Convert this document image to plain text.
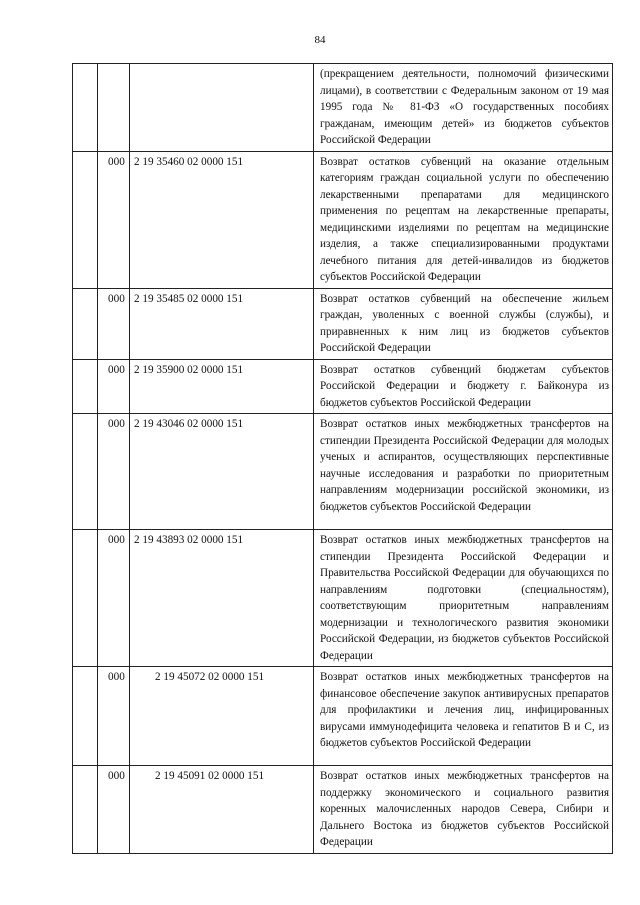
84
			(прекращением деятельности, полномочий физическими лицами), в соответствии с Федеральным законом от 19 мая 1995 года № 81-ФЗ «О государственных пособиях гражданам, имеющим детей» из бюджетов субъектов Российской Федерации
	000	2 19 35460 02 0000 151	Возврат остатков субвенций на оказание отдельным категориям граждан социальной услуги по обеспечению лекарственными препаратами для медицинского применения по рецептам на лекарственные препараты, медицинскими изделиями по рецептам на медицинские изделия, а также специализированными продуктами лечебного питания для детей-инвалидов из бюджетов субъектов Российской Федерации
	000	2 19 35485 02 0000 151	Возврат остатков субвенций на обеспечение жильем граждан, уволенных с военной службы (службы), и приравненных к ним лиц из бюджетов субъектов Российской Федерации
	000	2 19 35900 02 0000 151	Возврат остатков субвенций бюджетам субъектов Российской Федерации и бюджету г. Байконура из бюджетов субъектов Российской Федерации
	000	2 19 43046 02 0000 151	Возврат остатков иных межбюджетных трансфертов на стипендии Президента Российской Федерации для молодых ученых и аспирантов, осуществляющих перспективные научные исследования и разработки по приоритетным направлениям модернизации российской экономики, из бюджетов субъектов Российской Федерации
	000	2 19 43893 02 0000 151	Возврат остатков иных межбюджетных трансфертов на стипендии Президента Российской Федерации и Правительства Российской Федерации для обучающихся по направлениям подготовки (специальностям), соответствующим приоритетным направлениям модернизации и технологического развития экономики Российской Федерации, из бюджетов субъектов Российской Федерации
	000	2 19 45072 02 0000 151	Возврат остатков иных межбюджетных трансфертов на финансовое обеспечение закупок антивирусных препаратов для профилактики и лечения лиц, инфицированных вирусами иммунодефицита человека и гепатитов B и C, из бюджетов субъектов Российской Федерации
	000	2 19 45091 02 0000 151	Возврат остатков иных межбюджетных трансфертов на поддержку экономического и социального развития коренных малочисленных народов Севера, Сибири и Дальнего Востока из бюджетов субъектов Российской Федерации
